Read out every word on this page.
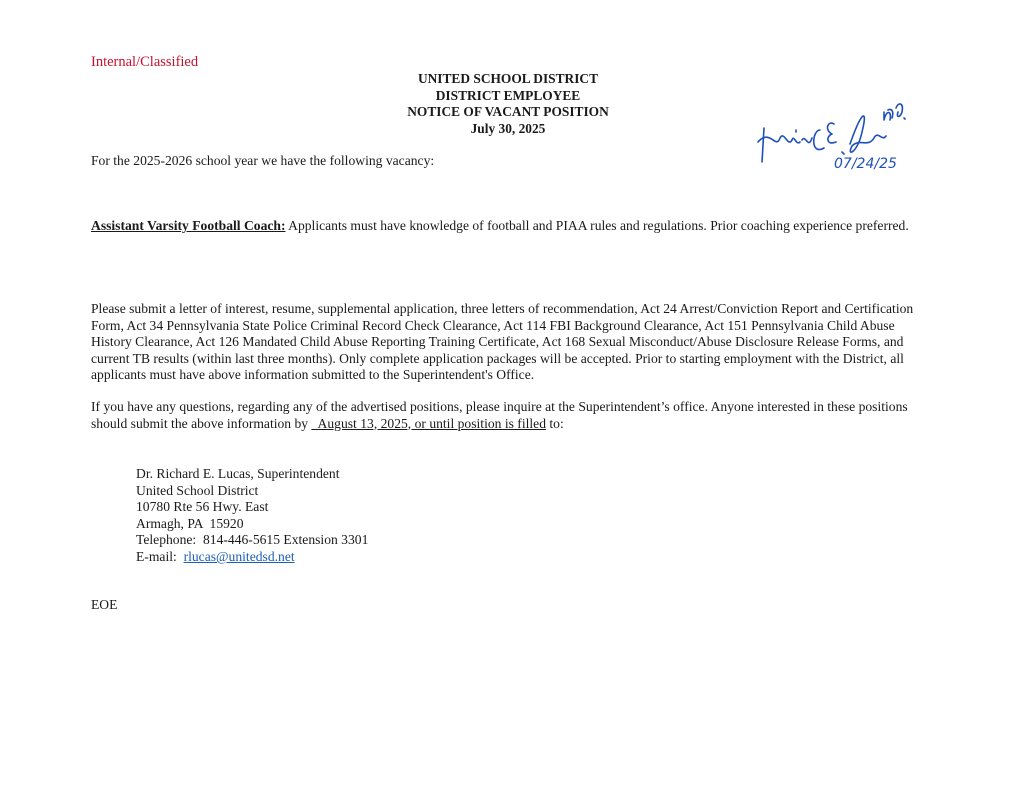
Internal/Classified
UNITED SCHOOL DISTRICT
DISTRICT EMPLOYEE
NOTICE OF VACANT POSITION
July 30, 2025
For the 2025-2026 school year we have the following vacancy:	07/24/25
Assistant Varsity Football Coach: Applicants must have knowledge of football and PIAA rules and regulations. Prior coaching experience preferred.
Please submit a letter of interest, resume, supplemental application, three letters of recommendation, Act 24 Arrest/Conviction Report and Certification Form, Act 34 Pennsylvania State Police Criminal Record Check Clearance, Act 114 FBI Background Clearance, Act 151 Pennsylvania Child Abuse History Clearance, Act 126 Mandated Child Abuse Reporting Training Certificate, Act 168 Sexual Misconduct/Abuse Disclosure Release Forms, and current TB results (within last three months). Only complete application packages will be accepted. Prior to starting employment with the District, all applicants must have above information submitted to the Superintendent's Office.
If you have any questions, regarding any of the advertised positions, please inquire at the Superintendent’s office. Anyone interested in these positions should submit the above information by   August 13, 2025, or until position is filled to:
Dr. Richard E. Lucas, Superintendent
United School District
10780 Rte 56 Hwy. East
Armagh, PA  15920
Telephone:  814-446-5615 Extension 3301
E-mail:  rlucas@unitedsd.net
EOE
